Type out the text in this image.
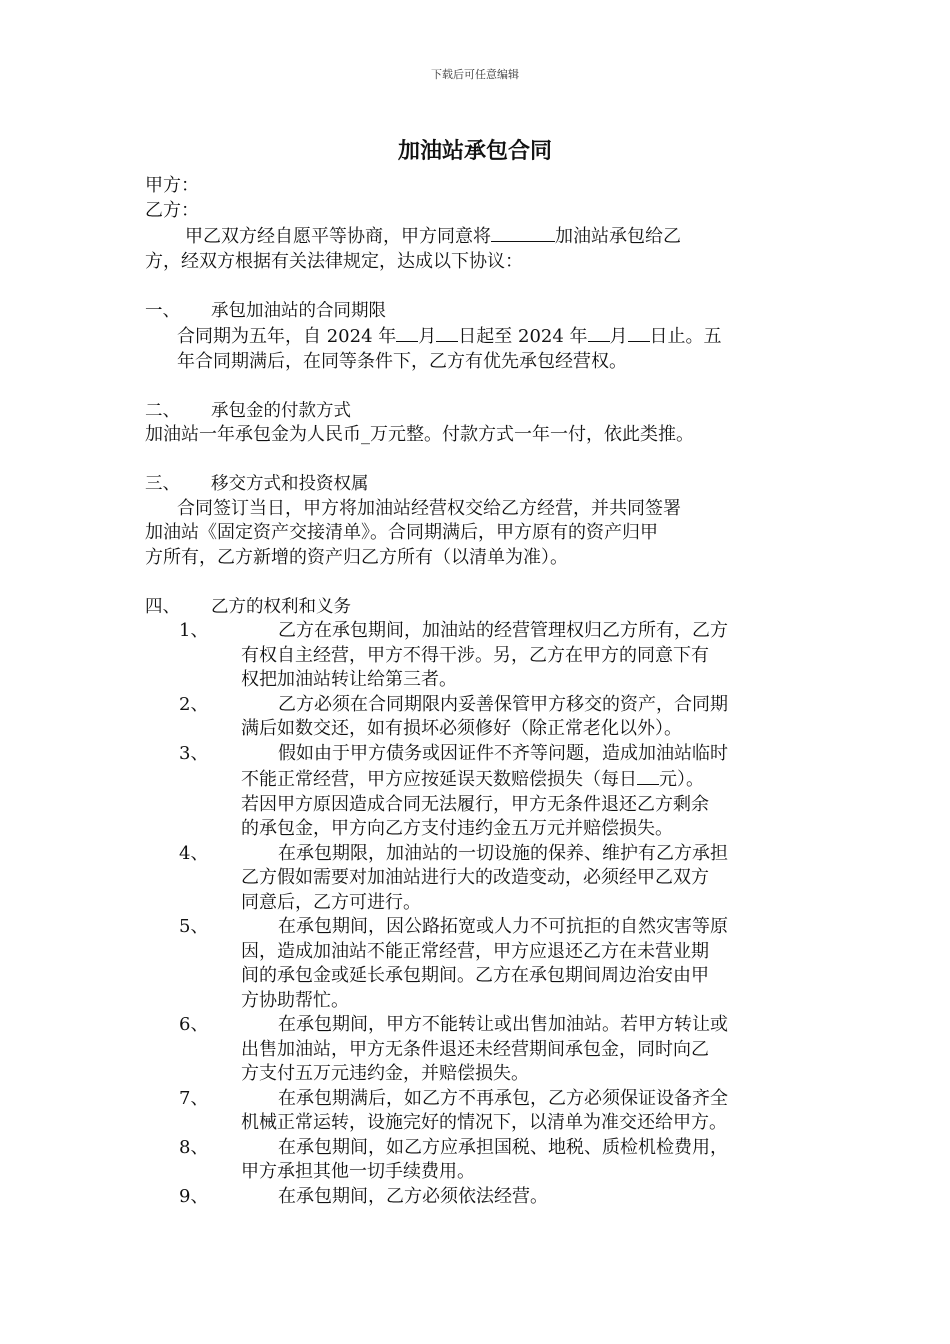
下载后可任意编辑
加油站承包合同
甲方：
乙方：
甲乙双方经自愿平等协商，甲方同意将	加油站承包给乙
方，经双方根据有关法律规定，达成以下协议：
一、 承包加油站的合同期限
合同期为五年，自 2024 年 月 日起至 2024 年 月 日止。五
年合同期满后，在同等条件下，乙方有优先承包经营权。
二、 承包金的付款方式
加油站一年承包金为人民币_万元整。付款方式一年一付，依此类推。
三、 移交方式和投资权属
合同签订当日，甲方将加油站经营权交给乙方经营，并共同签署
加油站《固定资产交接清单》。合同期满后，甲方原有的资产归甲
方所有，乙方新增的资产归乙方所有（以清单为准）。
四、 乙方的权利和义务
1、	乙方在承包期间，加油站的经营管理权归乙方所有，乙方
有权自主经营，甲方不得干涉。另，乙方在甲方的同意下有
权把加油站转让给第三者。
2、	乙方必须在合同期限内妥善保管甲方移交的资产，合同期
满后如数交还，如有损坏必须修好（除正常老化以外）。
3、	假如由于甲方债务或因证件不齐等问题，造成加油站临时
不能正常经营，甲方应按延误天数赔偿损失（每日 元）。
若因甲方原因造成合同无法履行，甲方无条件退还乙方剩余
的承包金，甲方向乙方支付违约金五万元并赔偿损失。
4、	在承包期限，加油站的一切设施的保养、维护有乙方承担
乙方假如需要对加油站进行大的改造变动，必须经甲乙双方
同意后，乙方可进行。
5、	在承包期间，因公路拓宽或人力不可抗拒的自然灾害等原
因，造成加油站不能正常经营，甲方应退还乙方在未营业期
间的承包金或延长承包期间。乙方在承包期间周边治安由甲
方协助帮忙。
6、	在承包期间，甲方不能转让或出售加油站。若甲方转让或
出售加油站，甲方无条件退还未经营期间承包金，同时向乙
方支付五万元违约金，并赔偿损失。
7、	在承包期满后，如乙方不再承包，乙方必须保证设备齐全
机械正常运转，设施完好的情况下，以清单为准交还给甲方。
8、	在承包期间，如乙方应承担国税、地税、质检机检费用，
甲方承担其他一切手续费用。
9、	在承包期间，乙方必须依法经营。
